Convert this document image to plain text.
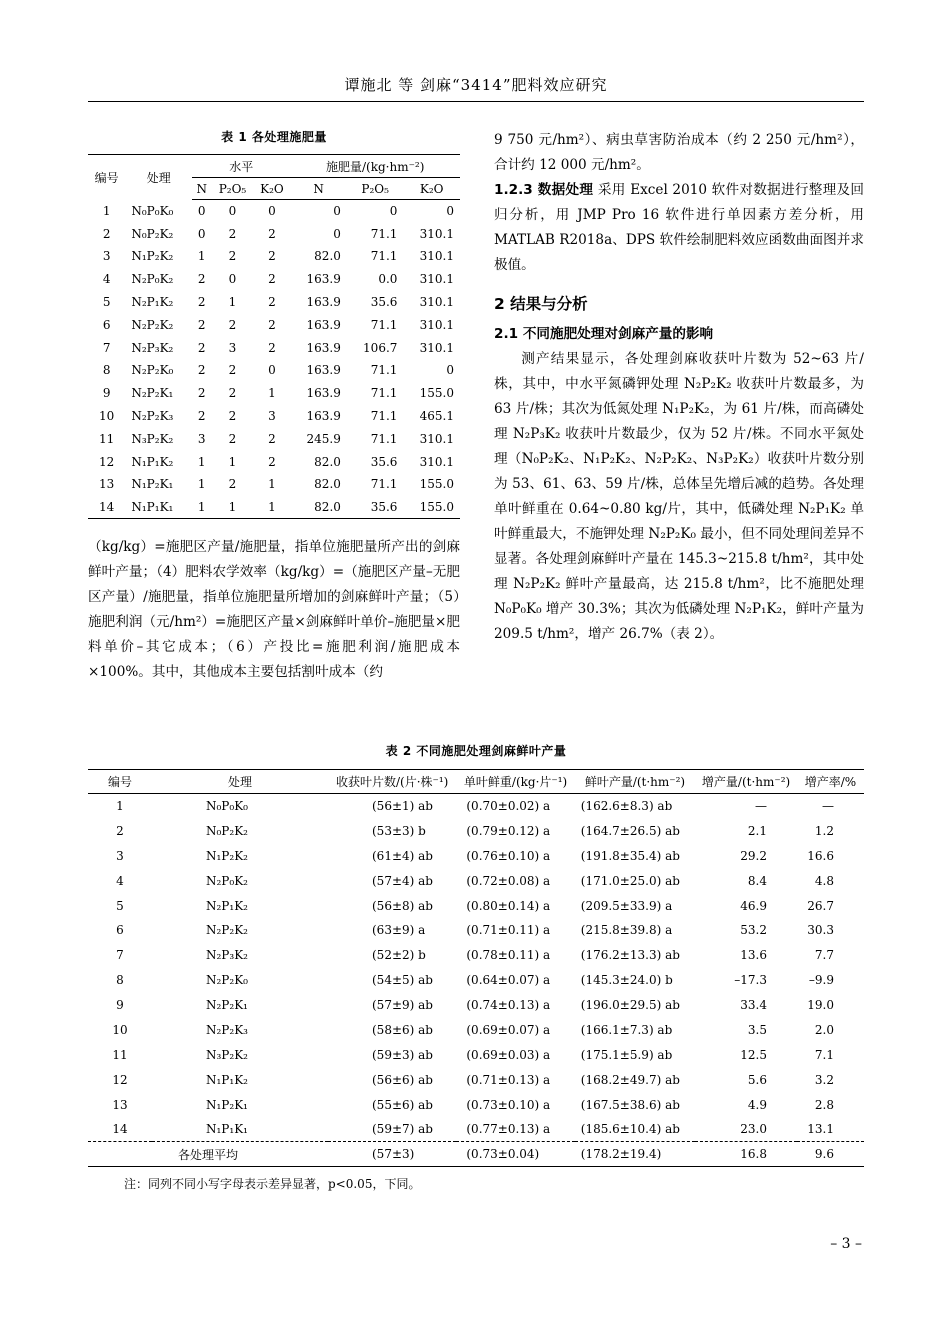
谭施北 等 剑麻“3414”肥料效应研究
表 1 各处理施肥量
编号	处理	水平			施肥量/(kg·hm⁻²)		
		N	P₂O₅	K₂O	N	P₂O₅	K₂O
1	N₀P₀K₀	0	0	0	0	0	0
2	N₀P₂K₂	0	2	2	0	71.1	310.1
3	N₁P₂K₂	1	2	2	82.0	71.1	310.1
4	N₂P₀K₂	2	0	2	163.9	0.0	310.1
5	N₂P₁K₂	2	1	2	163.9	35.6	310.1
6	N₂P₂K₂	2	2	2	163.9	71.1	310.1
7	N₂P₃K₂	2	3	2	163.9	106.7	310.1
8	N₂P₂K₀	2	2	0	163.9	71.1	0
9	N₂P₂K₁	2	2	1	163.9	71.1	155.0
10	N₂P₂K₃	2	2	3	163.9	71.1	465.1
11	N₃P₂K₂	3	2	2	245.9	71.1	310.1
12	N₁P₁K₂	1	1	2	82.0	35.6	310.1
13	N₁P₂K₁	1	2	1	82.0	71.1	155.0
14	N₁P₁K₁	1	1	1	82.0	35.6	155.0
（kg/kg）=施肥区产量/施肥量，指单位施肥量所产出的剑麻鲜叶产量；（4）肥料农学效率（kg/kg）=（施肥区产量–无肥区产量）/施肥量，指单位施肥量所增加的剑麻鲜叶产量；（5）施肥利润（元/hm²）=施肥区产量×剑麻鲜叶单价–施肥量×肥料单价–其它成本；（6）产投比=施肥利润/施肥成本×100%。其中，其他成本主要包括割叶成本（约
9 750 元/hm²）、病虫草害防治成本（约 2 250 元/hm²），合计约 12 000 元/hm²。
1.2.3 数据处理 采用 Excel 2010 软件对数据进行整理及回归分析，用 JMP Pro 16 软件进行单因素方差分析，用 MATLAB R2018a、DPS 软件绘制肥料效应函数曲面图并求极值。
2 结果与分析
2.1 不同施肥处理对剑麻产量的影响
测产结果显示，各处理剑麻收获叶片数为 52~63 片/株，其中，中水平氮磷钾处理 N₂P₂K₂ 收获叶片数最多，为 63 片/株；其次为低氮处理 N₁P₂K₂，为 61 片/株，而高磷处理 N₂P₃K₂ 收获叶片数最少，仅为 52 片/株。不同水平氮处理（N₀P₂K₂、N₁P₂K₂、N₂P₂K₂、N₃P₂K₂）收获叶片数分别为 53、61、63、59 片/株，总体呈先增后减的趋势。各处理单叶鲜重在 0.64~0.80 kg/片，其中，低磷处理 N₂P₁K₂ 单叶鲜重最大，不施钾处理 N₂P₂K₀ 最小，但不同处理间差异不显著。各处理剑麻鲜叶产量在 145.3~215.8 t/hm²，其中处理 N₂P₂K₂ 鲜叶产量最高，达 215.8 t/hm²，比不施肥处理 N₀P₀K₀ 增产 30.3%；其次为低磷处理 N₂P₁K₂，鲜叶产量为 209.5 t/hm²，增产 26.7%（表 2）。
表 2 不同施肥处理剑麻鲜叶产量
编号	处理	收获叶片数/(片·株⁻¹)	单叶鲜重/(kg·片⁻¹)	鲜叶产量/(t·hm⁻²)	增产量/(t·hm⁻²)	增产率/%
1	N₀P₀K₀	(56±1) ab	(0.70±0.02) a	(162.6±8.3) ab	—	—
2	N₀P₂K₂	(53±3) b	(0.79±0.12) a	(164.7±26.5) ab	2.1	1.2
3	N₁P₂K₂	(61±4) ab	(0.76±0.10) a	(191.8±35.4) ab	29.2	16.6
4	N₂P₀K₂	(57±4) ab	(0.72±0.08) a	(171.0±25.0) ab	8.4	4.8
5	N₂P₁K₂	(56±8) ab	(0.80±0.14) a	(209.5±33.9) a	46.9	26.7
6	N₂P₂K₂	(63±9) a	(0.71±0.11) a	(215.8±39.8) a	53.2	30.3
7	N₂P₃K₂	(52±2) b	(0.78±0.11) a	(176.2±13.3) ab	13.6	7.7
8	N₂P₂K₀	(54±5) ab	(0.64±0.07) a	(145.3±24.0) b	–17.3	–9.9
9	N₂P₂K₁	(57±9) ab	(0.74±0.13) a	(196.0±29.5) ab	33.4	19.0
10	N₂P₂K₃	(58±6) ab	(0.69±0.07) a	(166.1±7.3) ab	3.5	2.0
11	N₃P₂K₂	(59±3) ab	(0.69±0.03) a	(175.1±5.9) ab	12.5	7.1
12	N₁P₁K₂	(56±6) ab	(0.71±0.13) a	(168.2±49.7) ab	5.6	3.2
13	N₁P₂K₁	(55±6) ab	(0.73±0.10) a	(167.5±38.6) ab	4.9	2.8
14	N₁P₁K₁	(59±7) ab	(0.77±0.13) a	(185.6±10.4) ab	23.0	13.1
各处理平均		(57±3)	(0.73±0.04)	(178.2±19.4)	16.8	9.6
注：同列不同小写字母表示差异显著，p<0.05，下同。
– 3 –
